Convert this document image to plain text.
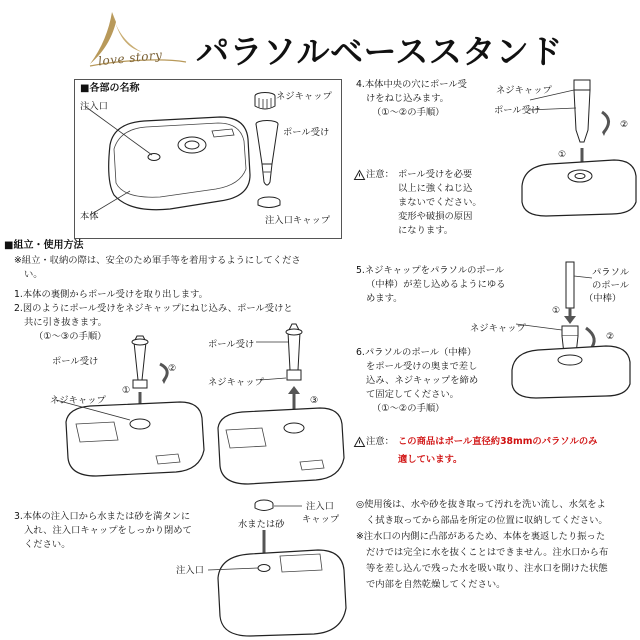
love story パラソルベーススタンド
■各部の名称
注入口
本体
ネジキャップ
ポール受け
注入口キャップ
■組立・使用方法
※組立・収納の際は、安全のため軍手等を着用するようにしてくださ
い。
1.本体の裏側からポール受けを取り出します。
2.図のようにポール受けをネジキャップにねじ込み、ポール受けと
共に引き抜きます。
（①～③の手順）
ポール受け
ネジキャップ
①
②
ポール受け
ネジキャップ
③
3.本体の注入口から水または砂を満タンに
入れ、注入口キャップをしっかり閉めて
ください。
水または砂
注入口
キャップ
注入口
4.本体中央の穴にポール受
けをねじ込みます。
（①～②の手順）
ネジキャップ
ポール受け
①
②
注意： ポール受けを必要
以上に強くねじ込
まないでください。
変形や破損の原因
になります。
5.ネジキャップをパラソルのポール
（中棒）が差し込めるようにゆる
めます。
パラソル
のポール
（中棒）
ネジキャップ
①
②
6.パラソルのポール（中棒）
をポール受けの奥まで差し
込み、ネジキャップを締め
て固定してください。
（①～②の手順）
注意： この商品はポール直径約38mmのパラソルのみ
適しています。
◎使用後は、水や砂を抜き取って汚れを洗い流し、水気をよ
く拭き取ってから部品を所定の位置に収納してください。
※注水口の内側に凸部があるため、本体を裏返したり振った
だけでは完全に水を抜くことはできません。注水口から布
等を差し込んで残った水を吸い取り、注水口を開けた状態
で内部を自然乾燥してください。
